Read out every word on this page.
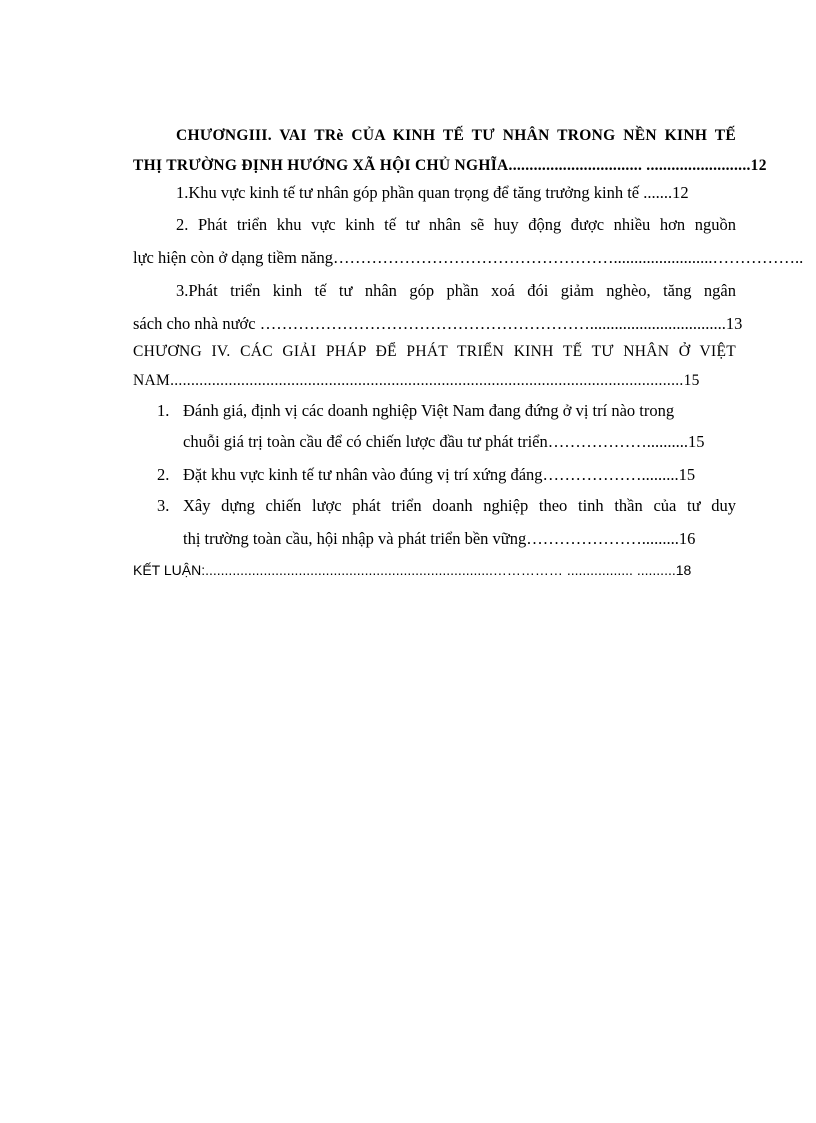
CHƯƠNGIII. VAI TRè CỦA KINH TẾ TƯ NHÂN TRONG NỀN KINH TẾ
THỊ TRƯỜNG ĐỊNH HƯỚNG XÃ HỘI CHỦ NGHĨA................................ .........................12
1.Khu vực kinh tế tư nhân góp phần quan trọng để tăng trưởng kinh tế .......12
2. Phát triển khu vực kinh tế tư nhân sẽ huy động được nhiều hơn nguồn
lực hiện còn ở dạng tiềm năng……………………………………………........................……………..
3.Phát triển kinh tế tư nhân góp phần xoá đói giảm nghèo, tăng ngân
sách cho nhà nước …………………………………………………….................................13
CHƯƠNG IV. CÁC GIẢI PHÁP ĐỂ PHÁT TRIỂN KINH TẾ TƯ NHÂN Ở VIỆT
NAM...........................................................................................................................15
1. Đánh giá, định vị các doanh nghiệp Việt Nam đang đứng ở vị trí nào trong
chuỗi giá trị toàn cầu để có chiến lược đầu tư phát triển………………..........15
2. Đặt khu vực kinh tế tư nhân vào đúng vị trí xứng đáng……………….........15
3. Xây dựng chiến lược phát triển doanh nghiệp theo tinh thần của tư duy
thị trường toàn cầu, hội nhập và phát triển bền vững………………….........16
KẾT LUẬN:..........................................................................…………… ................. ..........18
